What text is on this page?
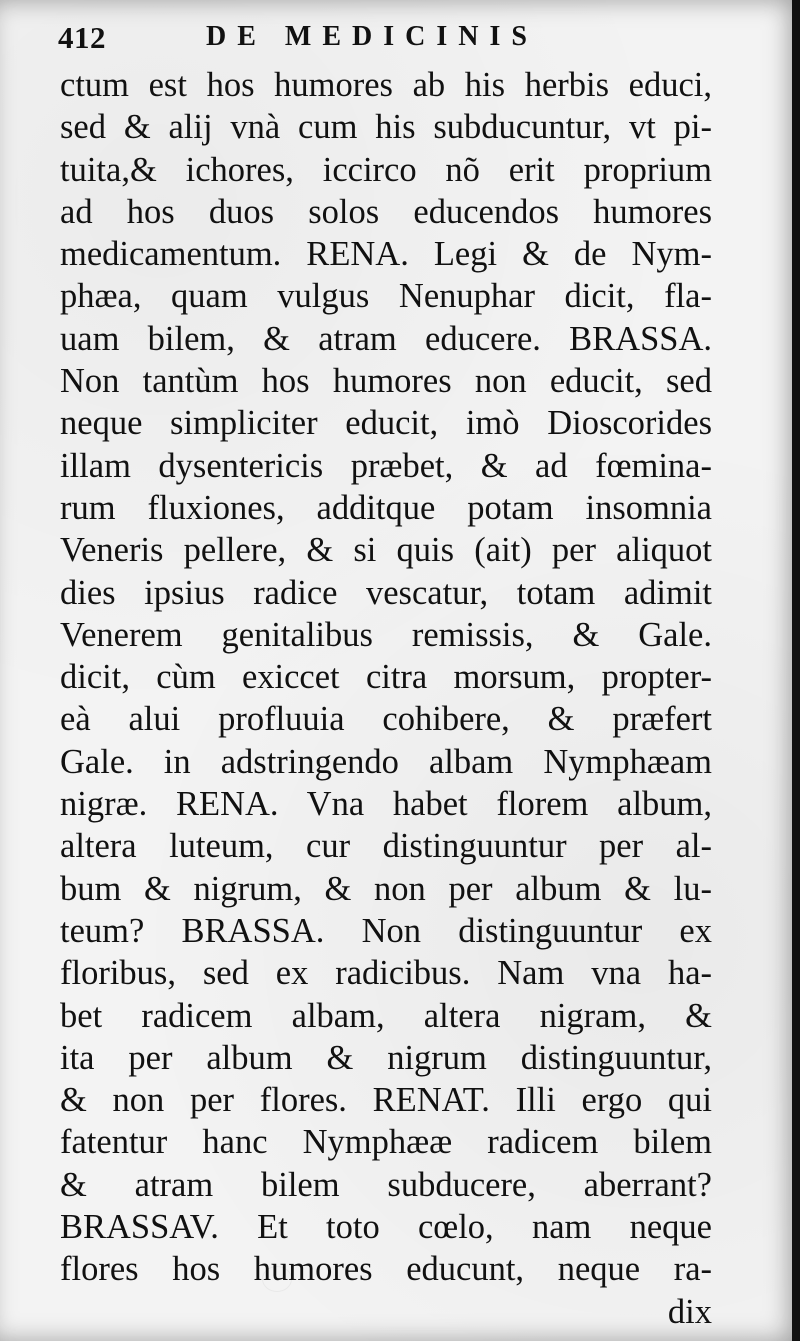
412	DE MEDICINIS
ctum est hos humores ab his herbis educi,
sed & alij vnà cum his subducuntur, vt pi-
tuita,& ichores, iccirco nõ erit proprium
ad hos duos solos educendos humores
medicamentum. RENA. Legi & de Nym-
phæa, quam vulgus Nenuphar dicit, fla-
uam bilem, & atram educere. BRASSA.
Non tantùm hos humores non educit, sed
neque simpliciter educit, imò Dioscorides
illam dysentericis præbet, & ad fœmina-
rum fluxiones, additque potam insomnia
Veneris pellere, & si quis (ait) per aliquot
dies ipsius radice vescatur, totam adimit
Venerem genitalibus remissis, & Gale.
dicit, cùm exiccet citra morsum, propter-
eà alui profluuia cohibere, & præfert
Gale. in adstringendo albam Nymphæam
nigræ. RENA. Vna habet florem album,
altera luteum, cur distinguuntur per al-
bum & nigrum, & non per album & lu-
teum? BRASSA. Non distinguuntur ex
floribus, sed ex radicibus. Nam vna ha-
bet radicem albam, altera nigram, &
ita per album & nigrum distinguuntur,
& non per flores. RENAT. Illi ergo qui
fatentur hanc Nymphææ radicem bilem
& atram bilem subducere, aberrant?
BRASSAV. Et toto cœlo, nam neque
flores hos humores educunt, neque ra-
dix
